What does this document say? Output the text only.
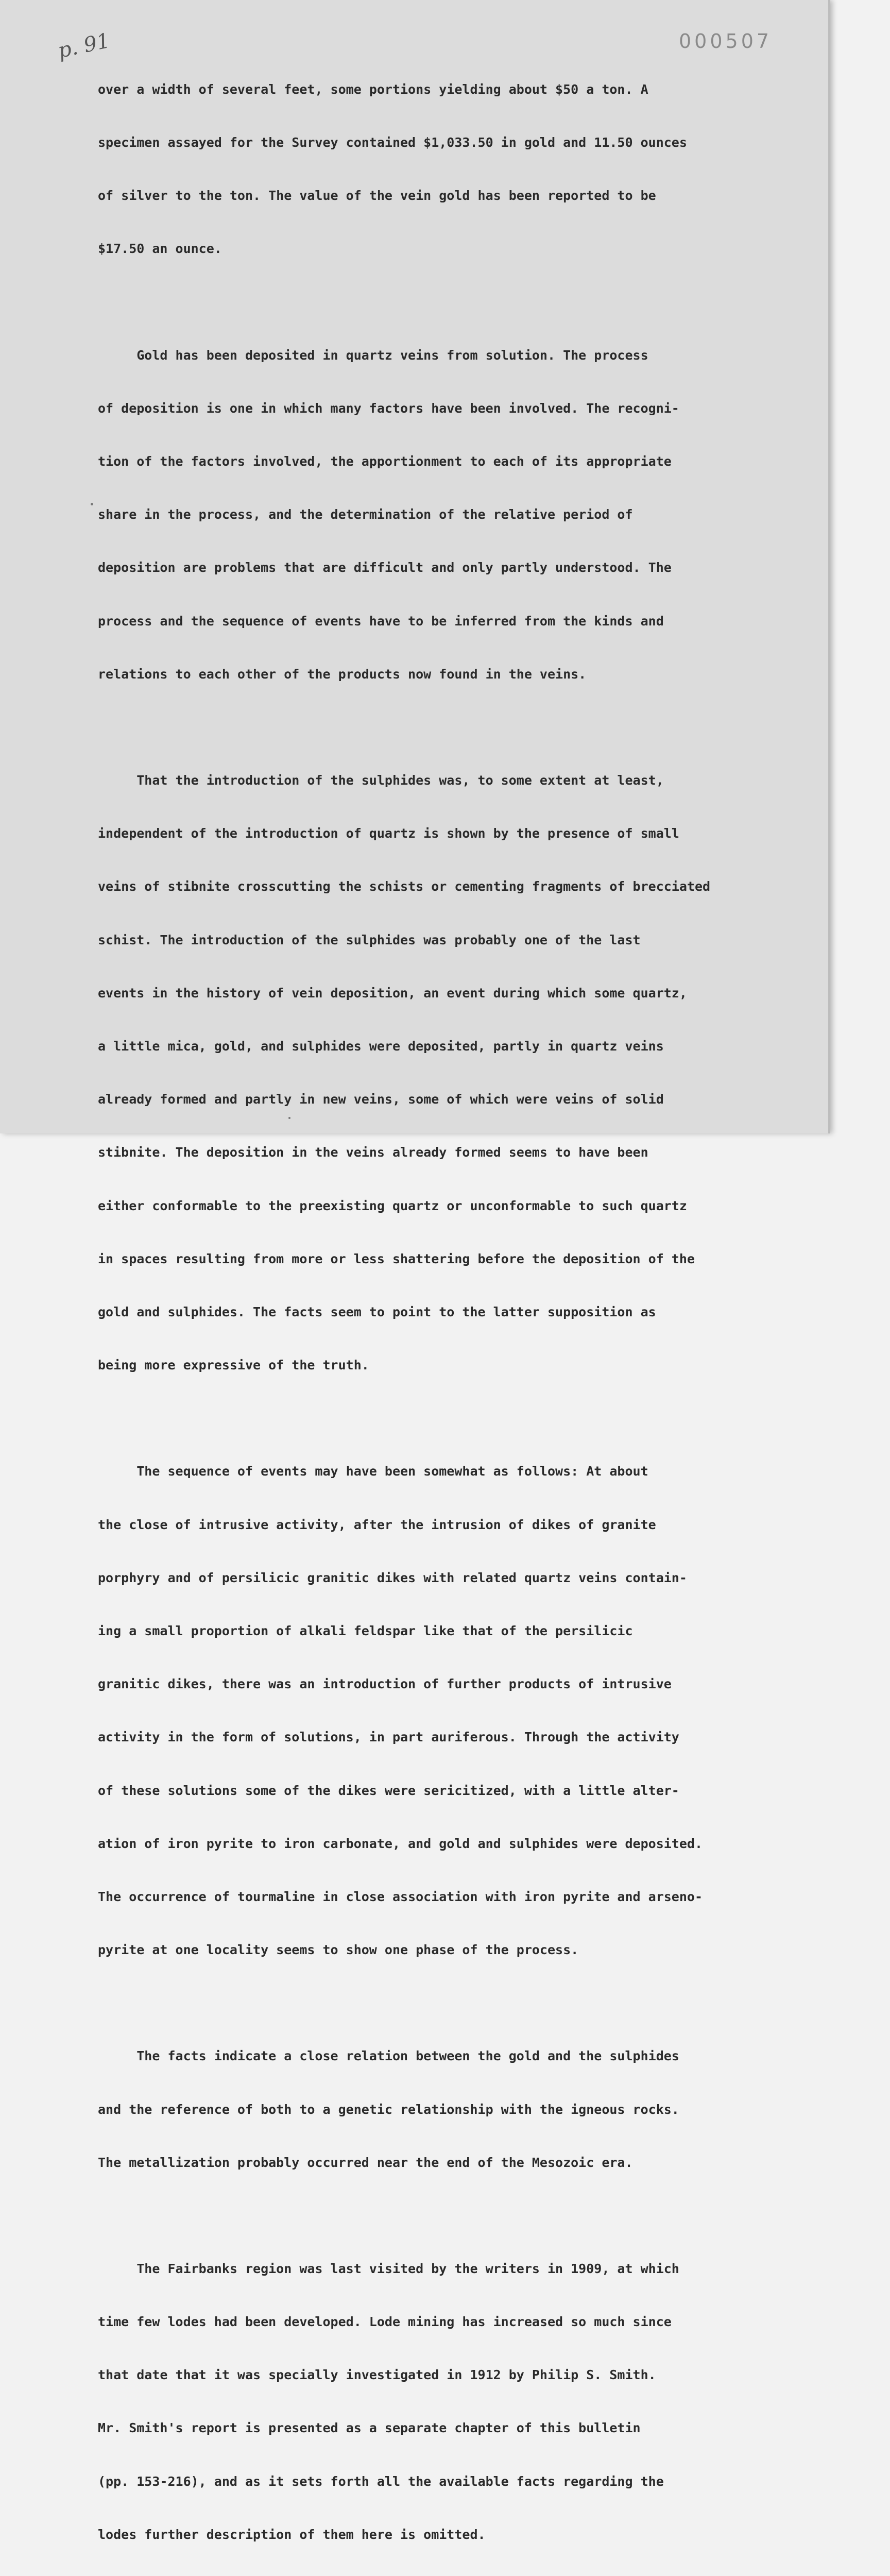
p. 91	000507

over a width of several feet, some portions yielding about $50 a ton. A

specimen assayed for the Survey contained $1,033.50 in gold and 11.50 ounces

of silver to the ton. The value of the vein gold has been reported to be

$17.50 an ounce.

Gold has been deposited in quartz veins from solution. The process

of deposition is one in which many factors have been involved. The recogni-

tion of the factors involved, the apportionment to each of its appropriate

share in the process, and the determination of the relative period of

deposition are problems that are difficult and only partly understood. The

process and the sequence of events have to be inferred from the kinds and

relations to each other of the products now found in the veins.

That the introduction of the sulphides was, to some extent at least,

independent of the introduction of quartz is shown by the presence of small

veins of stibnite crosscutting the schists or cementing fragments of brecciated

schist. The introduction of the sulphides was probably one of the last

events in the history of vein deposition, an event during which some quartz,

a little mica, gold, and sulphides were deposited, partly in quartz veins

already formed and partly in new veins, some of which were veins of solid

stibnite. The deposition in the veins already formed seems to have been

either conformable to the preexisting quartz or unconformable to such quartz

in spaces resulting from more or less shattering before the deposition of the

gold and sulphides. The facts seem to point to the latter supposition as

being more expressive of the truth.

The sequence of events may have been somewhat as follows: At about

the close of intrusive activity, after the intrusion of dikes of granite

porphyry and of persilicic granitic dikes with related quartz veins contain-

ing a small proportion of alkali feldspar like that of the persilicic

granitic dikes, there was an introduction of further products of intrusive

activity in the form of solutions, in part auriferous. Through the activity

of these solutions some of the dikes were sericitized, with a little alter-

ation of iron pyrite to iron carbonate, and gold and sulphides were deposited.

The occurrence of tourmaline in close association with iron pyrite and arseno-

pyrite at one locality seems to show one phase of the process.

The facts indicate a close relation between the gold and the sulphides

and the reference of both to a genetic relationship with the igneous rocks.

The metallization probably occurred near the end of the Mesozoic era.

The Fairbanks region was last visited by the writers in 1909, at which

time few lodes had been developed. Lode mining has increased so much since

that date that it was specially investigated in 1912 by Philip S. Smith.

Mr. Smith's report is presented as a separate chapter of this bulletin

(pp. 153-216), and as it sets forth all the available facts regarding the

lodes further description of them here is omitted.
